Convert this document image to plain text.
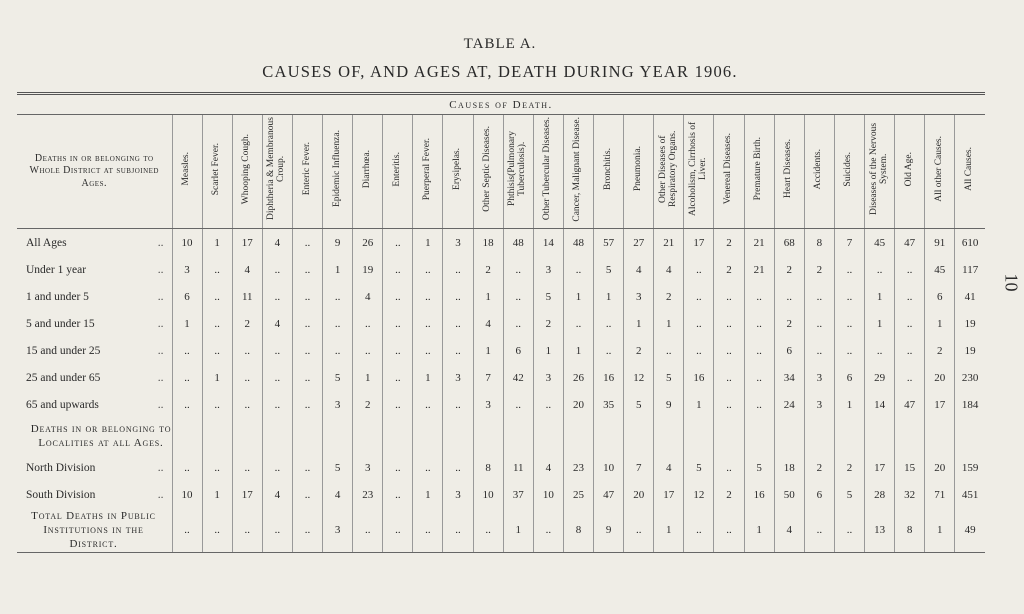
TABLE A.
CAUSES OF, AND AGES AT, DEATH DURING YEAR 1906.
10
Causes of Death.																											
Deaths in or belonging to Whole District at subjoined Ages.	Measles.	Scarlet Fever.	Whooping Cough.	Diphtheria & Membranous Croup.	Enteric Fever.	Epidemic Influenza.	Diarrhœa.	Enteritis.	Puerperal Fever.	Erysipelas.	Other Septic Diseases.	Phthisis(Pulmonary Tuberculosis).	Other Tubercular Diseases.	Cancer, Malignant Disease.	Bronchitis.	Pneumonia.	Other Diseases of Respiratory Organs.	Alcoholism, Cirrhosis of Liver.	Venereal Diseases.	Premature Birth.	Heart Diseases.	Accidents.	Suicides.	Diseases of the Nervous System.	Old Age.	All other Causes.	All Causes.
All Ages ..	10	1	17	4	..	9	26	..	1	3	18	48	14	48	57	27	21	17	2	21	68	8	7	45	47	91	610
Under 1 year ..	3	..	4	..	..	1	19	..	..	..	2	..	3	..	5	4	4	..	2	21	2	2	..	..	..	45	117
1 and under 5 ..	6	..	11	..	..	..	4	..	..	..	1	..	5	1	1	3	2	..	..	..	..	..	..	1	..	6	41
5 and under 15 ..	1	..	2	4	..	..	..	..	..	..	4	..	2	..	..	1	1	..	..	..	2	..	..	1	..	1	19
15 and under 25 ..	..	..	..	..	..	..	..	..	..	..	1	6	1	1	..	2	..	..	..	..	6	..	..	..	..	2	19
25 and under 65 ..	..	1	..	..	..	5	1	..	1	3	7	42	3	26	16	12	5	16	..	..	34	3	6	29	..	20	230
65 and upwards ..	..	..	..	..	..	3	2	..	..	..	3	..	..	20	35	5	9	1	..	..	24	3	1	14	47	17	184
Deaths in or belonging to Localities at all Ages.																											
North Division ..	..	..	..	..	..	5	3	..	..	..	8	11	4	23	10	7	4	5	..	5	18	2	2	17	15	20	159
South Division ..	10	1	17	4	..	4	23	..	1	3	10	37	10	25	47	20	17	12	2	16	50	6	5	28	32	71	451
Total Deaths in Public Institutions in the District.	..	..	..	..	..	3	..	..	..	..	..	1	..	8	9	..	1	..	..	1	4	..	..	13	8	1	49
